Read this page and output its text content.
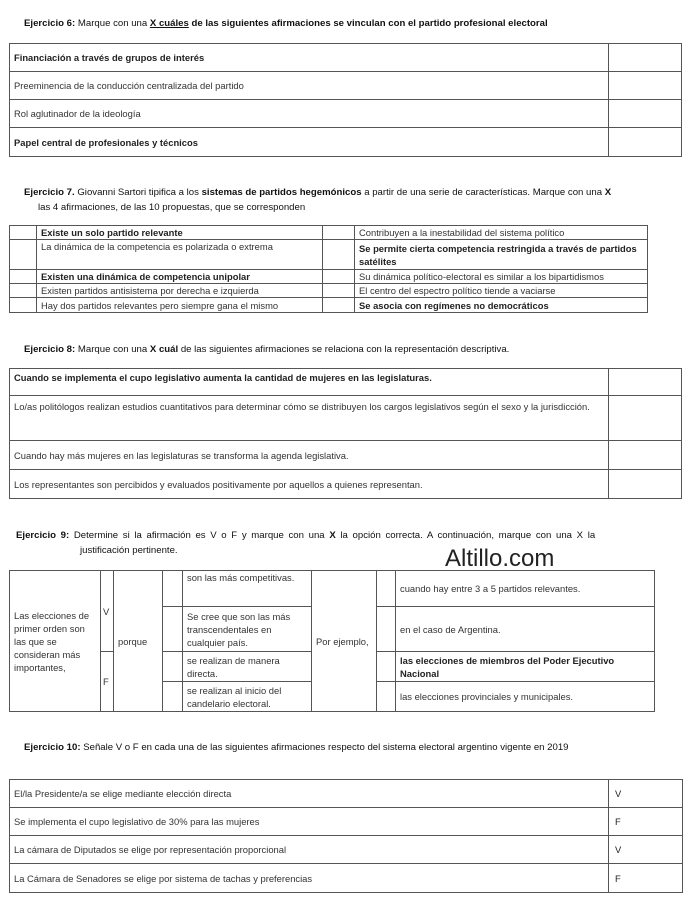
Ejercicio 6: Marque con una X cuáles de las siguientes afirmaciones se vinculan con el partido profesional electoral
Financiación a través de grupos de interés	
Preeminencia de la conducción centralizada del partido	
Rol aglutinador de la ideología	
Papel central de profesionales y técnicos	
Ejercicio 7. Giovanni Sartori tipifica a los sistemas de partidos hegemónicos a partir de una serie de características. Marque con una X
las 4 afirmaciones, de las 10 propuestas, que se corresponden
	Existe un solo partido relevante		Contribuyen a la inestabilidad del sistema político
	La dinámica de la competencia es polarizada o extrema		Se permite cierta competencia restringida a través de partidos satélites
	Existen una dinámica de competencia unipolar		Su dinámica político-electoral es similar a los bipartidismos
	Existen partidos antisistema por derecha e izquierda		El centro del espectro político tiende a vaciarse
	Hay dos partidos relevantes pero siempre gana el mismo		Se asocia con regímenes no democráticos
Ejercicio 8: Marque con una X cuál de las siguientes afirmaciones se relaciona con la representación descriptiva.
Cuando se implementa el cupo legislativo aumenta la cantidad de mujeres en las legislaturas.	
Lo/as politólogos realizan estudios cuantitativos para determinar cómo se distribuyen los cargos legislativos según el sexo y la jurisdicción.	
Cuando hay más mujeres en las legislaturas se transforma la agenda legislativa.	
Los representantes son percibidos y evaluados positivamente por aquellos a quienes representan.	
Ejercicio 9: Determine si la afirmación es V o F y marque con una X la opción correcta. A continuación, marque con una X la
justificación pertinente.	Altillo.com
Las elecciones de primer orden son las que se consideran más importantes,	V	porque		son las más competitivas.	Por ejemplo,		cuando hay entre 3 a 5 partidos relevantes.
				Se cree que son las más transcendentales en cualquier país.			en el caso de Argentina.
	F			se realizan de manera directa.			las elecciones de miembros del Poder Ejecutivo Nacional
				se realizan al inicio del candelario electoral.			las elecciones provinciales y municipales.
Ejercicio 10: Señale V o F en cada una de las siguientes afirmaciones respecto del sistema electoral argentino vigente en 2019
El/la Presidente/a se elige mediante elección directa	V
Se implementa el cupo legislativo de 30% para las mujeres	F
La cámara de Diputados se elige por representación proporcional	V
La Cámara de Senadores se elige por sistema de tachas y preferencias	F
